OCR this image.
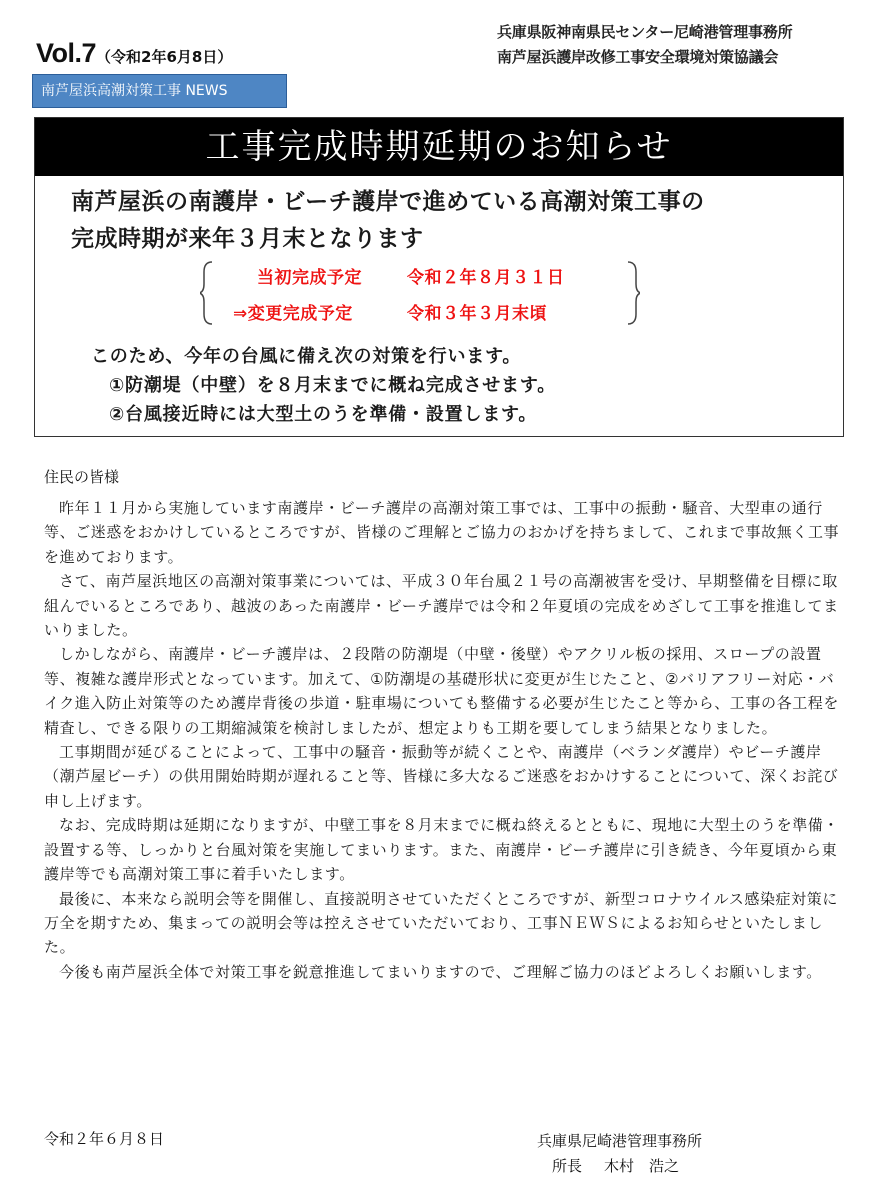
Vol.7（令和2年6月8日）
兵庫県阪神南県民センター尼崎港管理事務所
南芦屋浜護岸改修工事安全環境対策協議会
南芦屋浜高潮対策工事 NEWS
工事完成時期延期のお知らせ
南芦屋浜の南護岸・ビーチ護岸で進めている高潮対策工事の
完成時期が来年３月末となります
当初完成予定	令和２年８月３１日
⇒変更完成予定	令和３年３月末頃
このため、今年の台風に備え次の対策を行います。
①防潮堤（中壁）を８月末までに概ね完成させます。
②台風接近時には大型土のうを準備・設置します。
住民の皆様

昨年１１月から実施しています南護岸・ビーチ護岸の高潮対策工事では、工事中の振動・騒音、大型車の通行等、ご迷惑をおかけしているところですが、皆様のご理解とご協力のおかげを持ちまして、これまで事故無く工事を進めております。

さて、南芦屋浜地区の高潮対策事業については、平成３０年台風２１号の高潮被害を受け、早期整備を目標に取組んでいるところであり、越波のあった南護岸・ビーチ護岸では令和２年夏頃の完成をめざして工事を推進してまいりました。

しかしながら、南護岸・ビーチ護岸は、２段階の防潮堤（中壁・後壁）やアクリル板の採用、スロープの設置等、複雑な護岸形式となっています。加えて、①防潮堤の基礎形状に変更が生じたこと、②バリアフリー対応・バイク進入防止対策等のため護岸背後の歩道・駐車場についても整備する必要が生じたこと等から、工事の各工程を精査し、できる限りの工期縮減策を検討しましたが、想定よりも工期を要してしまう結果となりました。

工事期間が延びることによって、工事中の騒音・振動等が続くことや、南護岸（ベランダ護岸）やビーチ護岸（潮芦屋ビーチ）の供用開始時期が遅れること等、皆様に多大なるご迷惑をおかけすることについて、深くお詫び申し上げます。

なお、完成時期は延期になりますが、中壁工事を８月末までに概ね終えるとともに、現地に大型土のうを準備・設置する等、しっかりと台風対策を実施してまいります。また、南護岸・ビーチ護岸に引き続き、今年夏頃から東護岸等でも高潮対策工事に着手いたします。

最後に、本来なら説明会等を開催し、直接説明させていただくところですが、新型コロナウイルス感染症対策に万全を期すため、集まっての説明会等は控えさせていただいており、工事ＮＥＷＳによるお知らせといたしました。

今後も南芦屋浜全体で対策工事を鋭意推進してまいりますので、ご理解ご協力のほどよろしくお願いします。

令和２年６月８日	兵庫県尼崎港管理事務所
所長 木村　浩之
